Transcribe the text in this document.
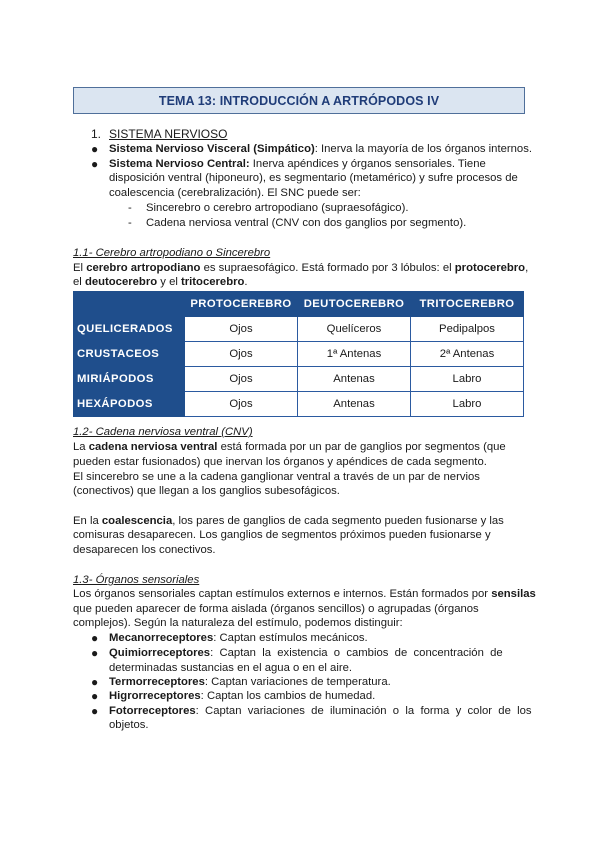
TEMA 13: INTRODUCCIÓN A ARTRÓPODOS IV
1. SISTEMA NERVIOSO
● Sistema Nervioso Visceral (Simpático): Inerva la mayoría de los órganos internos.
● Sistema Nervioso Central: Inerva apéndices y órganos sensoriales. Tiene
disposición ventral (hiponeuro), es segmentario (metamérico) y sufre procesos de
coalescencia (cerebralización). El SNC puede ser:
- Sincerebro o cerebro artropodiano (supraesofágico).
- Cadena nerviosa ventral (CNV con dos ganglios por segmento).
1.1- Cerebro artropodiano o Sincerebro
El cerebro artropodiano es supraesofágico. Está formado por 3 lóbulos: el protocerebro,
el deutocerebro y el tritocerebro.
	PROTOCEREBRO	DEUTOCEREBRO	TRITOCEREBRO
QUELICERADOS	Ojos	Quelíceros	Pedipalpos
CRUSTACEOS	Ojos	1ª Antenas	2ª Antenas
MIRIÁPODOS	Ojos	Antenas	Labro
HEXÁPODOS	Ojos	Antenas	Labro
1.2- Cadena nerviosa ventral (CNV)
La cadena nerviosa ventral está formada por un par de ganglios por segmentos (que
pueden estar fusionados) que inervan los órganos y apéndices de cada segmento.
El sincerebro se une a la cadena ganglionar ventral a través de un par de nervios
(conectivos) que llegan a los ganglios subesofágicos.
En la coalescencia, los pares de ganglios de cada segmento pueden fusionarse y las
comisuras desaparecen. Los ganglios de segmentos próximos pueden fusionarse y
desaparecen los conectivos.
1.3- Órganos sensoriales
Los órganos sensoriales captan estímulos externos e internos. Están formados por sensilas
que pueden aparecer de forma aislada (órganos sencillos) o agrupadas (órganos
complejos). Según la naturaleza del estímulo, podemos distinguir:
● Mecanorreceptores: Captan estímulos mecánicos.
● Quimiorreceptores:  Captan  la  existencia  o  cambios  de  concentración  de
determinadas sustancias en el agua o en el aire.
● Termorreceptores: Captan variaciones de temperatura.
● Higrorreceptores: Captan los cambios de humedad.
● Fotorreceptores:  Captan  variaciones  de  iluminación  o  la  forma  y  color  de  los
objetos.
